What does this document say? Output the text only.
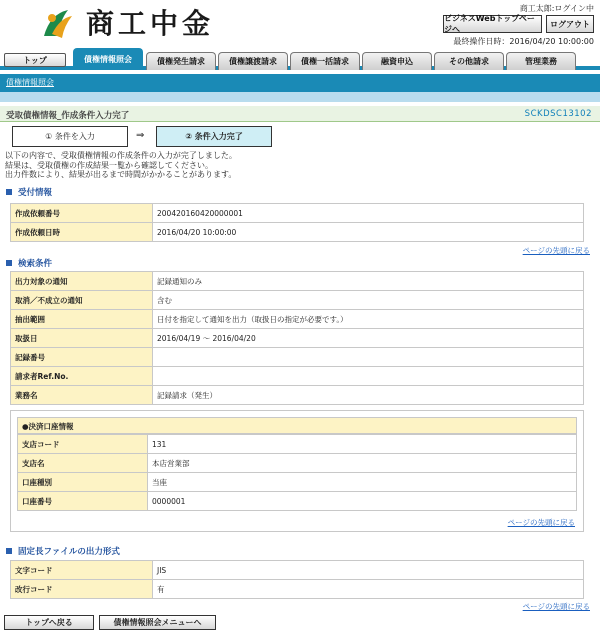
商工中金	商工太郎:ログイン中
ビジネスWebトップページへ
ログアウト
最終操作日時：2016/04/20 10:00:00
トップ	債権情報照会	債権発生請求	債権譲渡請求	債権一括請求	融資申込	その他請求	管理業務
債権情報照会
受取債権情報_作成条件入力完了	SCKDSC13102
① 条件を入力	⇒	② 条件入力完了
以下の内容で、受取債権情報の作成条件の入力が完了しました。
結果は、受取債権の作成結果一覧から確認してください。
出力件数により、結果が出るまで時間がかかることがあります。
受付情報
作成依頼番号	200420160420000001
作成依頼日時	2016/04/20 10:00:00
ページの先頭に戻る
検索条件
出力対象の通知	記録通知のみ
取消／不成立の通知	含む
抽出範囲	日付を指定して通知を出力（取扱日の指定が必要です。）
取扱日	2016/04/19 ～ 2016/04/20
記録番号	
請求者Ref.No.	
業務名	記録請求（発生）
●決済口座情報
支店コード	131
支店名	本店営業部
口座種別	当座
口座番号	0000001
ページの先頭に戻る
固定長ファイルの出力形式
文字コード	JIS
改行コード	有
ページの先頭に戻る
トップへ戻る	債権情報照会メニューへ
